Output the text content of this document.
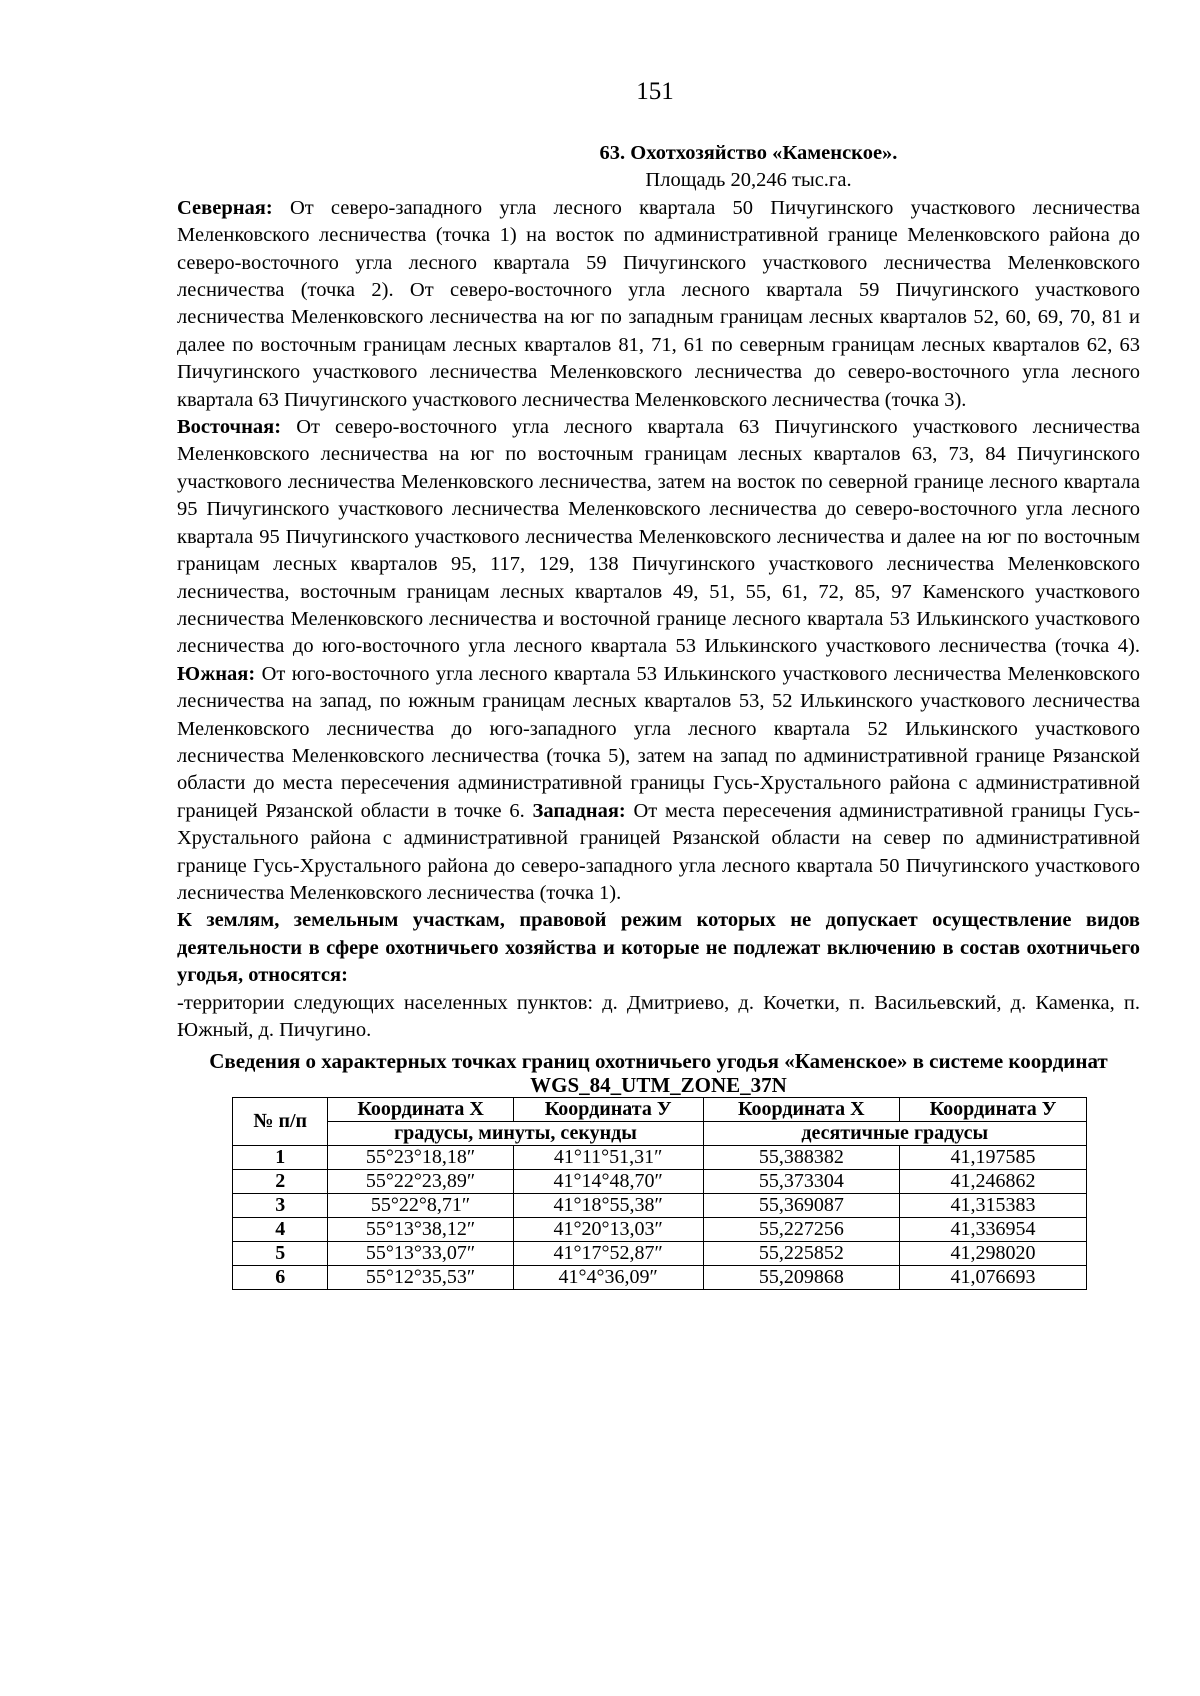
151
63. Охотхозяйство «Каменское».
Площадь 20,246 тыс.га.
Северная: От северо-западного угла лесного квартала 50 Пичугинского участкового лесничества Меленковского лесничества (точка 1) на восток по административной границе Меленковского района до северо-восточного угла лесного квартала 59 Пичугинского участкового лесничества Меленковского лесничества (точка 2). От северо-восточного угла лесного квартала 59 Пичугинского участкового лесничества Меленковского лесничества на юг по западным границам лесных кварталов 52, 60, 69, 70, 81 и далее по восточным границам лесных кварталов 81, 71, 61 по северным границам лесных кварталов 62, 63 Пичугинского участкового лесничества Меленковского лесничества до северо-восточного угла лесного квартала 63 Пичугинского участкового лесничества Меленковского лесничества (точка 3).
Восточная: От северо-восточного угла лесного квартала 63 Пичугинского участкового лесничества Меленковского лесничества на юг по восточным границам лесных кварталов 63, 73, 84 Пичугинского участкового лесничества Меленковского лесничества, затем на восток по северной границе лесного квартала 95 Пичугинского участкового лесничества Меленковского лесничества до северо-восточного угла лесного квартала 95 Пичугинского участкового лесничества Меленковского лесничества и далее на юг по восточным границам лесных кварталов 95, 117, 129, 138 Пичугинского участкового лесничества Меленковского лесничества, восточным границам лесных кварталов 49, 51, 55, 61, 72, 85, 97 Каменского участкового лесничества Меленковского лесничества и восточной границе лесного квартала 53 Илькинского участкового лесничества до юго-восточного угла лесного квартала 53 Илькинского участкового лесничества (точка 4). Южная: От юго-восточного угла лесного квартала 53 Илькинского участкового лесничества Меленковского лесничества на запад, по южным границам лесных кварталов 53, 52 Илькинского участкового лесничества Меленковского лесничества до юго-западного угла лесного квартала 52 Илькинского участкового лесничества Меленковского лесничества (точка 5), затем на запад по административной границе Рязанской области до места пересечения административной границы Гусь-Хрустального района с административной границей Рязанской области в точке 6. Западная: От места пересечения административной границы Гусь-Хрустального района с административной границей Рязанской области на север по административной границе Гусь-Хрустального района до северо-западного угла лесного квартала 50 Пичугинского участкового лесничества Меленковского лесничества (точка 1).
К землям, земельным участкам, правовой режим которых не допускает осуществление видов деятельности в сфере охотничьего хозяйства и которые не подлежат включению в состав охотничьего угодья, относятся:
-территории следующих населенных пунктов: д. Дмитриево, д. Кочетки, п. Васильевский, д. Каменка, п. Южный, д. Пичугино.
Сведения о характерных точках границ охотничьего угодья «Каменское» в системе координат WGS_84_UTM_ZONE_37N
№ п/п	Координата Х	Координата У	Координата Х	Координата У
	градусы, минуты, секунды		десятичные градусы	
1	55°23°18,18″	41°11°51,31″	55,388382	41,197585
2	55°22°23,89″	41°14°48,70″	55,373304	41,246862
3	55°22°8,71″	41°18°55,38″	55,369087	41,315383
4	55°13°38,12″	41°20°13,03″	55,227256	41,336954
5	55°13°33,07″	41°17°52,87″	55,225852	41,298020
6	55°12°35,53″	41°4°36,09″	55,209868	41,076693
